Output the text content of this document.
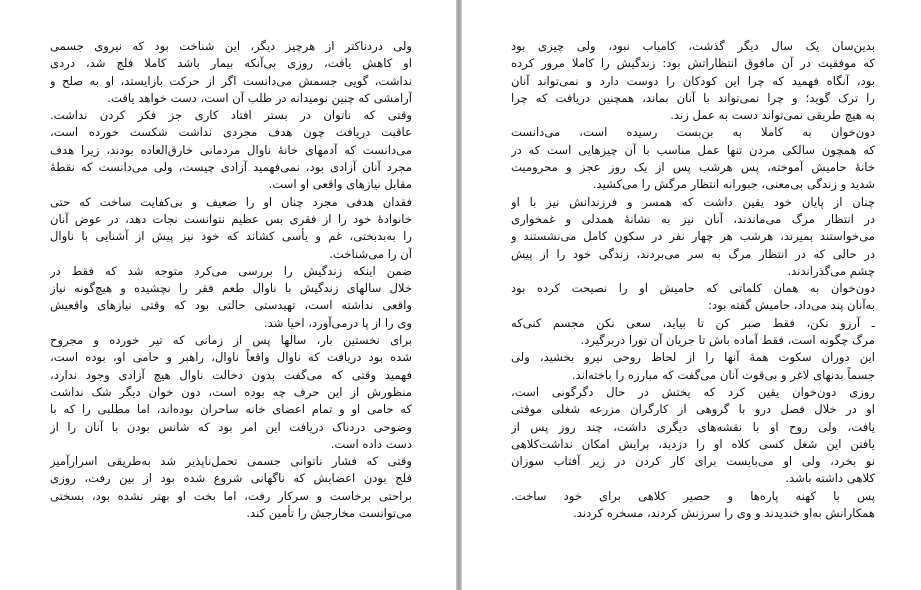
ولی دردناکتر از هرچیز دیگر، این شناخت بود که نیروی جسمی
او کاهش یافت، روزی بی‌آنکه بیمار باشد کاملا فلج شد، دردی
نداشت، گویی جسمش می‌دانست اگر از حرکت بازایستد، او به صلح و
آرامشی که چنین نومیدانه در طلب آن است، دست خواهد یافت.
وقتی که ناتوان در بستر افتاد کاری جز فکر کردن نداشت.
عاقبت دریافت چون هدف مجردی نداشت شکست خورده است،
می‌دانست که آدمهای خانهٔ ناوال مردمانی خارق‌العاده بودند، زیرا هدف
مجرد آنان آزادی بود، نمی‌فهمید آزادی چیست، ولی می‌دانست که نقطهٔ
مقابل نیازهای واقعی او است.
فقدان هدفی مجرد چنان او را ضعیف و بی‌کفایت ساخت که حتی
خانوادهٔ خود را از فقری بس عظیم نتوانست نجات دهد، در عوض آنان
را به‌بدبختی، غم و یأسی کشاند که خود نیز پیش از آشنایی با ناوال
آن را می‌شناخت.
ضمن اینکه زندگیش را بررسی می‌کرد متوجه شد که فقط در
خلال سالهای زندگیش با ناوال طعم فقر را نچشیده و هیچ‌گونه نیاز
واقعی نداشته است، تهیدستی حالتی بود که وقتی نیازهای واقعیش
وی را از پا درمی‌آورد، احیا شد.
برای نخستین بار، سالها پس از زمانی که تیر خورده و مجروح
شده بود دریافت که ناوال واقعاً ناوال، راهبر و حامی او، بوده است،
فهمید وقتی که می‌گفت بدون دخالت ناوال هیچ آزادی وجود ندارد،
منظورش از این حرف چه بوده است، دون خوان دیگر شک نداشت
که حامی او و تمام اعضای خانه ساحران بوده‌اند، اما مطلبی را که با
وضوحی دردناک دریافت این امر بود که شانس بودن با آنان را از
دست داده است.
وقتی که فشار ناتوانی جسمی تحمل‌ناپذیر شد به‌طریقی اسرارآمیز
فلج بودن اعضایش که ناگهانی شروع شده بود از بین رفت، روزی
براحتی برخاست و سرکار رفت، اما بخت او بهتر نشده بود، بسختی
می‌توانست مخارجش را تأمین کند.
بدین‌سان یک سال دیگر گذشت، کامیاب نبود، ولی چیزی بود
که موفقیت در آن مافوق انتظاراتش بود: زندگیش را کاملا مرور کرده
بود، آنگاه فهمید که چرا این کودکان را دوست دارد و نمی‌تواند آنان
را ترک گوید؛ و چرا نمی‌تواند با آنان بماند، همچنین دریافت که چرا
به هیچ طریقی نمی‌تواند دست به عمل زند.
دون‌خوان به کاملا به بن‌بست رسیده است، می‌دانست
که همچون سالکی مردن تنها عمل مناسب با آن چیزهایی است که در
خانهٔ حامیش آموخته، پس هرشب پس از یک روز عجز و محرومیت
شدید و زندگی بی‌معنی، جبورانه انتظار مرگش را می‌کشید.
چنان از پایان خود یقین داشت که همسر و فرزندانش نیز با او
در انتظار مرگ می‌ماندند، آنان نیز به نشانهٔ همدلی و غمخواری
می‌خواستند بمیرند، هرشب هر چهار نفر در سکون کامل می‌نشستند و
در حالی که در انتظار مرگ به سر می‌بردند، زندگی خود را از پیش
چشم می‌گذراندند.
دون‌خوان به همان کلماتی که حامیش او را نصیحت کرده بود
به‌آنان پند می‌داد، حامیش گفته بود:
ـ آرزو نکن، فقط صبر کن تا بیاید، سعی نکن مجسم کنی‌که
مرگ چگونه است، فقط آماده باش تا جریان آن تورا دربرگیرد.
این دوران سکوت همهٔ آنها را از لحاظ روحی نیرو بخشید، ولی
جسماً بدنهای لاغر و بی‌قوت آنان می‌گفت که مبارزه را باخته‌اند.
روزی دون‌خوان یقین کرد که بختش در حال دگرگونی است،
او در خلال فصل درو با گروهی از کارگران مزرعه شغلی موقتی
یافت، ولی روح او با نقشه‌های دیگری داشت، چند روز پس از
یافتن این شغل کسی کلاه او را دزدید، برایش امکان نداشت‌کلاهی
نو بخرد، ولی او می‌بایست برای کار کردن در زیر آفتاب سوزان
کلاهی داشته باشد.
پس با کهنه پاره‌ها و حصیر کلاهی برای خود ساخت.
همکارانش به‌او خندیدند و وی را سرزنش کردند، مسخره کردند.
